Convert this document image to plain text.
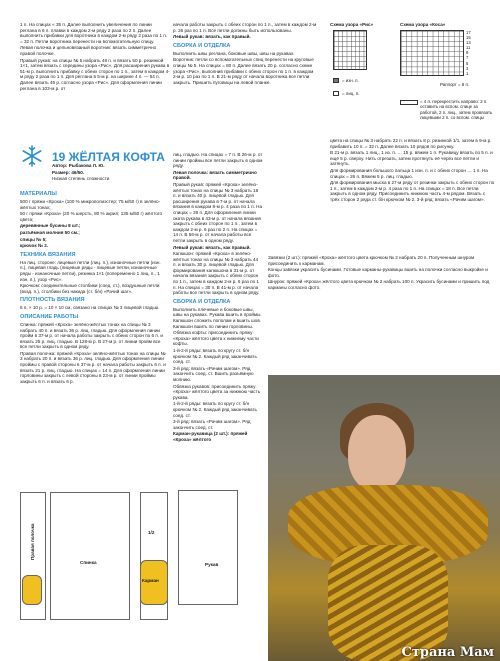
1 п. На спицах « 35 п. Далее выполнить увеличения по линии реглана в 6 п. плавки в каждом 2-м ряду 2 раза по 2 п. Далее выполнить прибавки для воротника в каждом 2-м ряду 2 раза по 1 п. = 32 п. Петли воротника перенести на вспомогательную спицу.

Левая полочка и цельновязаный воротник: вязать симметрично правой полочке.

Правый рукав: на спицы № 5 набрать 48 п. и вязать 50 р. резинкой 1×1, затем вязать с середины узора «Рис». Для расширения рукава в 51-м р. выполнить прибавку с обеих сторон по 1 п., затем в каждом 4-м ряду 2 раза по 1 п. Для реглана в 5-м р. на ширине 4 п. — 54 п. Далее вязать 45 р. согласно узора «Рис». Для оформления линии реглана в 103-м р. от

начала работы закрыть с обеих сторон по 1 п., затем в каждом 2-м р. 26 раз по 1 п. Все петли должны быть использованы.

Левый рукав: вязать, как правый.

СБОРКА И ОТДЕЛКА

Выполнить швы реглана, боковые швы, швы на рукавах.

Воротник: петли со вспомогательных спиц перенести на круговые спицы № 5. На спицах = 80 п. Далее вязать 20 р. согласно схеме узора «Рис», выполнив прибавки с обеих сторон по 1 п. в каждом 2-м р. 10 раз по 1 п. В 21-м ряду от начала воротника все петли закрыть. Пришить пуговицы на левой планке.

Схема узора «Рис»	Схема узора «Коса»
17
15
13
11
9
7
5
3
1
Раппорт = 8 п.
= изн. п.
= лиц. п.

= 4 п. перекрестить направо: 2 п. оставить на вспом. спице за работой, 2 п. лиц., затем провязать лицевыми 2 п. со вспом. спицы

19 ЖЁЛТАЯ КОФТА

Автор: Рыбакова Л. Ю.

Размер: 46/50.

Низкая степень сложности.

МАТЕРИАЛЫ

500 г пряжи «Кроха» (100 % микрополиэстер; 75 м/50 г) в зелёно-жёлтых тонах;

50 г пряжи «Кроха» (20 % шерсть, 80 % акрил; 135 м/50 г) жёлтого цвета;

деревянные бусины 8 шт.;

разъёмная молния 50 см.;

спицы № 5;

крючок № 2.

ТЕХНИКА ВЯЗАНИЯ

На лиц. стороне: лицевые петли (лиц. п.), изнаночные петли (изн. п.), лицевая гладь (лицевые ряды - лицевые петли, изнаночные ряды - изнаночные петли), резинка 1×1 (попеременно 1 лиц. п., 1 изн. п.), узор «Рис».

Крючком: соединительные столбики (соед. ст.), воздушные петли (возд. п.), столбики без накида (ст. б/н) «Рачий шаг».

ПЛОТНОСТЬ ВЯЗАНИЯ

6 п. × 10 р. = 10 × 10 см, связано на спицах № 3 лицевой гладью.

ОПИСАНИЕ РАБОТЫ

Спинка: пряжей «Кроха» зелёно-жёлтых тонах на спицы № 3 набрать 40 п. и вязать 36 р. лиц. гладью. Для оформления линии пройм в 37-м р. от начала работы закрыть с обеих сторон по 6 п. и вязать 25 р. лиц. гладью. В 128-м р. В 27-м р. от линии пройм все все петли закрыть в одном ряду.

Правая полочка: пряжей «Кроха» зелёно-жёлтых тонах на спицы № 3 набрать 20 п. и вязать 36 р. лиц. гладью. Для оформления линии проймы с правой стороны в 37-м р. от начала работы закрыть 6 п. и вязать 21 р. лиц. гладью. На спицах = 14 п. Для оформления линии горловины закрыть с левой стороны в 23-м р. от линии проймы закрыть 6 п. и вязать 6 р.

лиц. гладью. На спицах = 7 п. В 26-м р. от линии проймы все петли закрыть в одном ряду.

Левая полочка: вязать симметрично правой.

Правый рукав: пряжей «Кроха» зелёно-жёлтых тонах на спицы № 3 набрать 18 п. и вязать 40 р. лицевой гладью. Для расширения рукава в 7-м р. от начала вязания в каждом 8-м р. 4 раза по 1 п. На спицах = 26 п. Для оформления линии оката рукава в 43-м р. от начала вязания закрыть с обеих сторон по 1 п., затем в каждом 2-м р. 6 раз по 2 п. На спицах = 14 п. В 56-м р. от начала работы все петли закрыть в одном ряду.

Левый рукав: вязать, как правый.

Капюшон: пряжей «Кроха» в зелёно-жёлтых тонах на спицы № 3 набрать 44 п. и вязать 30 р. лицевой гладью. Для формирования капюшона в 31-м р. от начала вязания закрыть с обеих сторон по 1 п., затем в каждом 2-м р. 6 раз по 1 п. На спицах = 30 п. В 41-м р. от начала работы все петли закрыть в одном ряду.

СБОРКА И ОТДЕЛКА

Выполнить плечевые и боковые швы, швы на рукавах. Рукава вшить в проймы. Капюшон сложить пополам и вшить шов. Капюшон вшить по линии горловины.

Обвязка кофты: присоединить пряжу «Кроха» жёлтого цвета к нижнему части кофты.

1-й-2-й ряды: вязать по кругу ст. б/н крючком № 2. Каждый ряд заканчивать соед. ст.

3-й ряд: вязать «Рачим шагом». Ряд закончить соед. ст. Вшить разъёмную молнию.

Обвязка рукавов: присоединить пряжу «Кроха» жёлтого цвета за нижнюю часть рукава.

1-й-2-й ряды: вязать по кругу ст. б/н крючком № 2. Каждый ряд заканчивать соед. ст.

3-й ряд: вязать «Рачим шагом». Ряд закончить соед. ст.

Карман-рукавица (2 шт.): пряжей «Кроха» жёлтого

цвета на спицы № 3 набрать 22 п. и вязать 8 р. резинкой 1/1, затем в 9-м р. прибавить 10 п. = 32 п. Далее вязать 10 рядов по рисунку.

В 21-м р. вязать 1 лиц., 1 из. п. … 15 р. вяжем 1 п. Рукавицу вязать по 5 п. и ещё 5 р. сверху. Нить отрезать, затем протянуть её через все петли и затянуть.

Для формирования большого пальца 1 изн. п. и с обеих сторон … 1 п. На спицах = 26 п. Вяжем 5 р. лиц. гладью.

Для формирования мыска в 27-м ряду от резинки закрыть с обеих сторон по 1 п., затем в каждом 2-м р. 4 раза по 1 п. На спицах = 18 п. Все петли закрыть в одном ряду. Присоединить нижнюю часть 4-м рядом. Вязать с трёх сторон 2 ряда ст. б/н крючком № 2. 3-й ряд: вязать «Рачим шагом».

Завязки (2 шт.): пряжей «Кроха» жёлтого цвета крючком № 2 набрать 20 п. Полученным шнуром присоединить к карманам.

Концы завязки украсить бусинами. Готовые карманы-рукавицы вшить на полочки согласно выкройке и фото.

Шнурок: пряжей «Кроха» жёлтого цвета крючком № 2 набрать 100 п. Украсить бусинами и пришить под карманы согласно фото.

Правая полочка
Спинка
1/2
Карман
Рукав
Страна Мам
